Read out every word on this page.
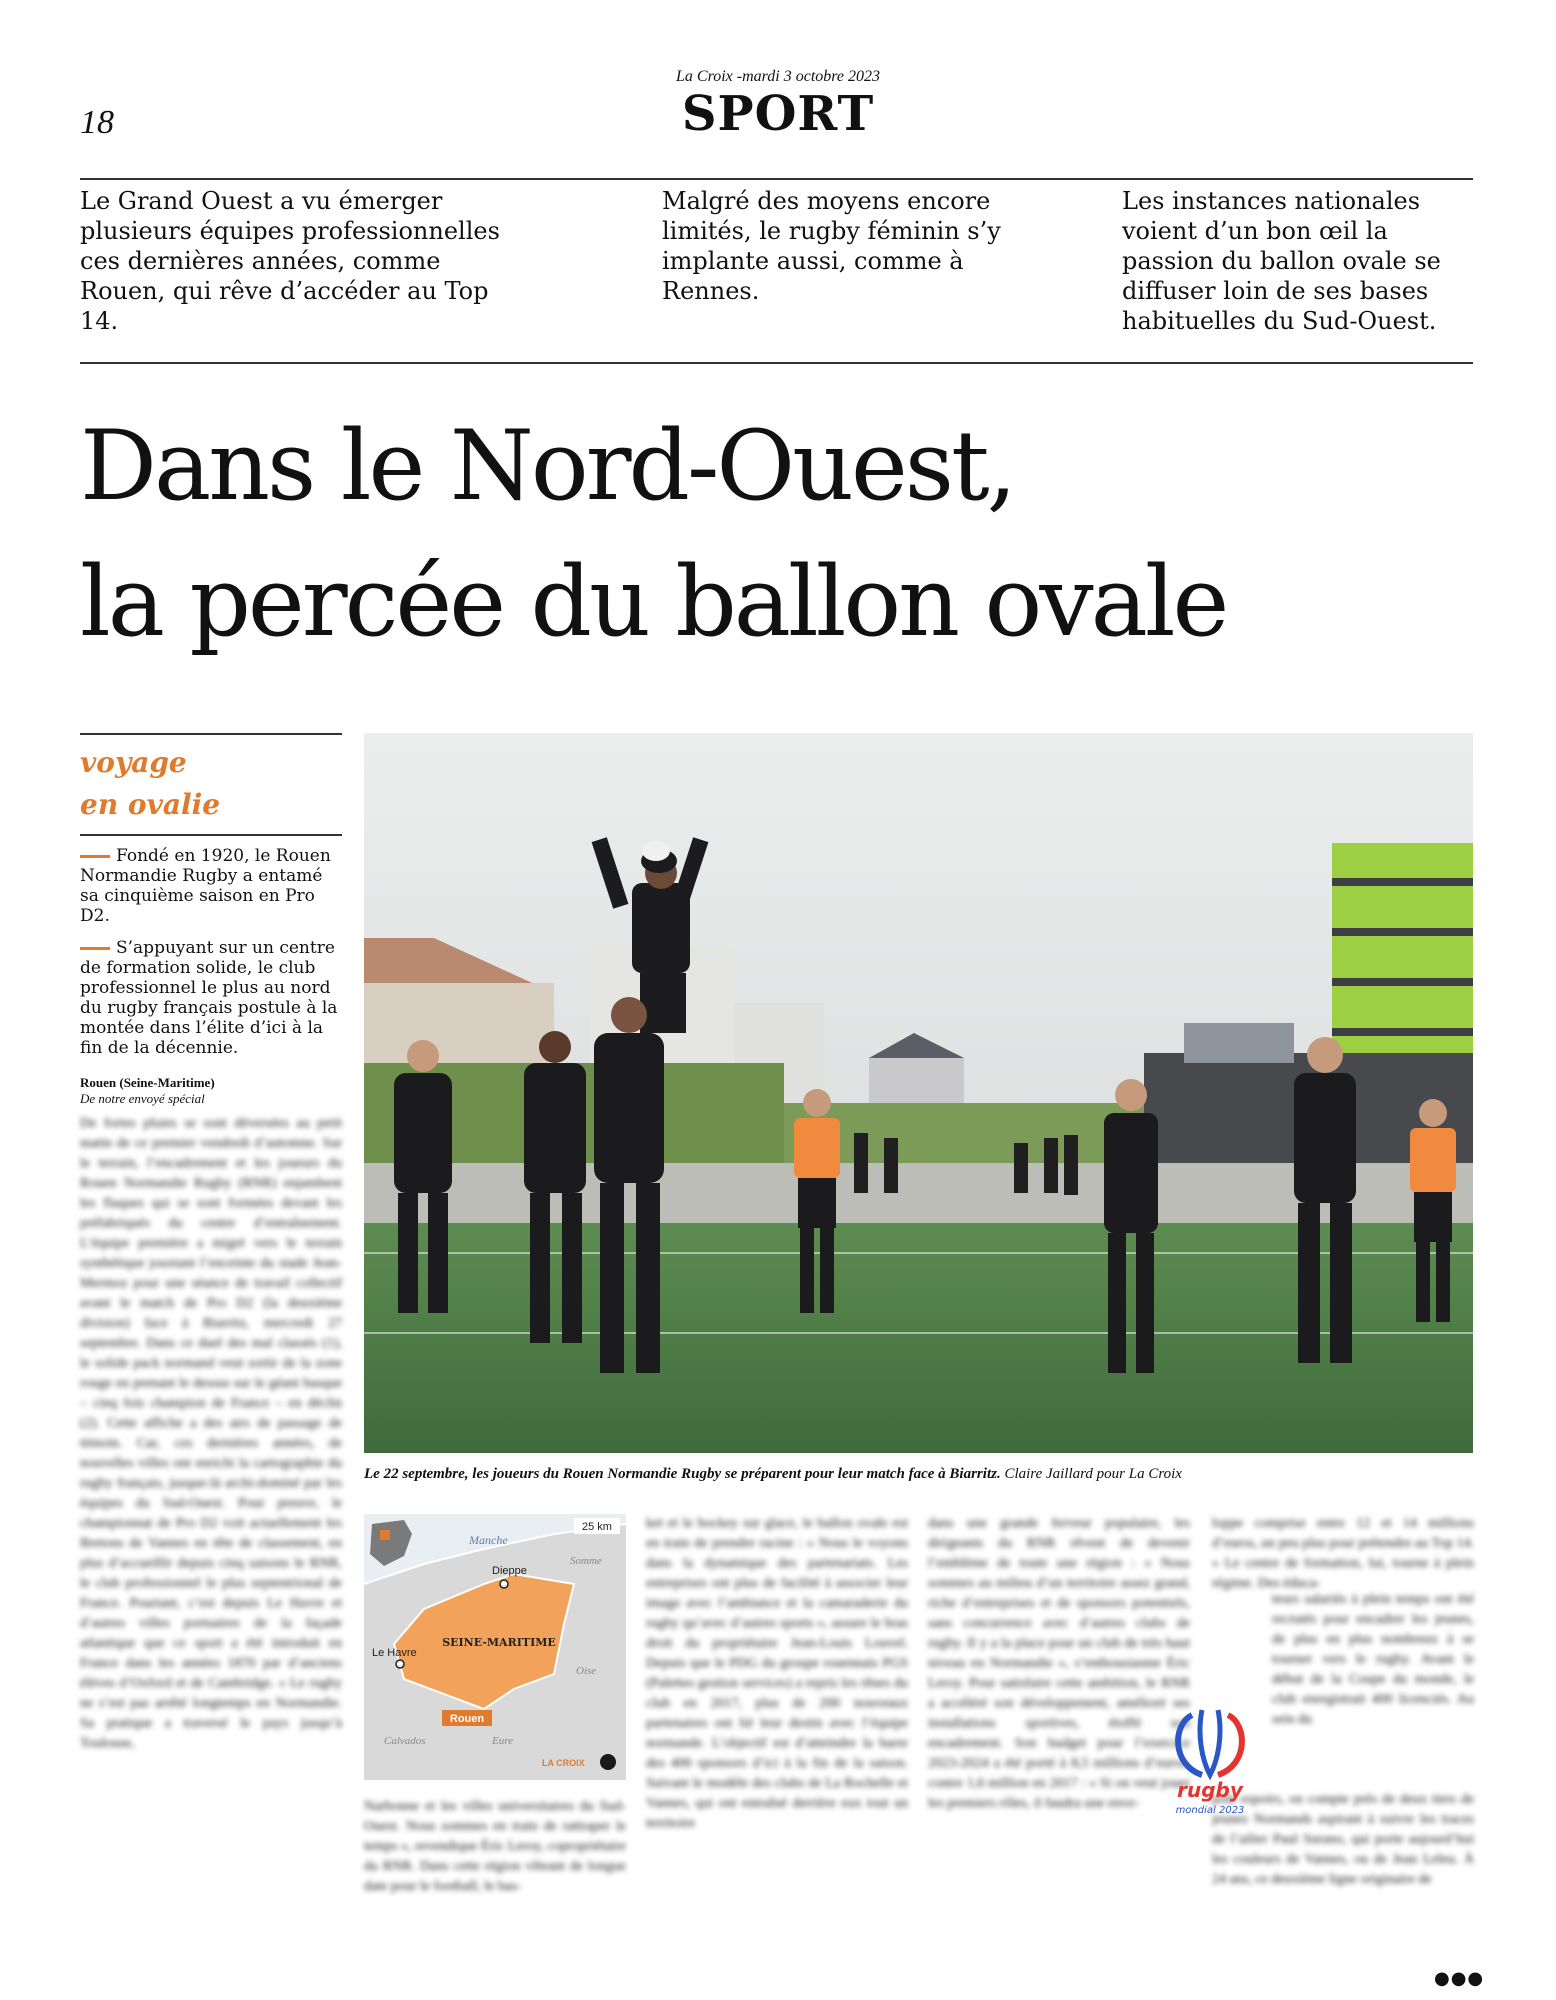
18
La Croix -mardi 3 octobre 2023
SPORT
Le Grand Ouest a vu émerger plusieurs équipes professionnelles ces dernières années, comme Rouen, qui rêve d’accéder au Top 14.
Malgré des moyens encore limités, le rugby féminin s’y implante aussi, comme à Rennes.
Les instances nationales voient d’un bon œil la passion du ballon ovale se diffuser loin de ses bases habituelles du Sud-Ouest.
Dans le Nord-Ouest,
la percée du ballon ovale
voyage
en ovalie
Fondé en 1920, le Rouen Normandie Rugby a entamé sa cinquième saison en Pro D2.
S’appuyant sur un centre de formation solide, le club professionnel le plus au nord du rugby français postule à la montée dans l’élite d’ici à la fin de la décennie.
Rouen (Seine-Maritime)
De notre envoyé spécial
De fortes pluies se sont déversées au petit matin de ce premier vendredi d’automne. Sur le terrain, l’encadrement et les joueurs du Rouen Normandie Rugby (RNR) enjambent les flaques qui se sont formées devant les préfabriqués du centre d’entraînement. L’équipe première a migré vers le terrain synthétique jouxtant l’enceinte du stade Jean-Mermoz pour une séance de travail collectif avant le match de Pro D2 (la deuxième division) face à Biarritz, mercredi 27 septembre. Dans ce duel des mal classés (1), le solide pack normand veut sortir de la zone rouge en prenant le dessus sur le géant basque – cinq fois champion de France – en déclin (2). Cette affiche a des airs de passage de témoin. Car, ces dernières années, de nouvelles villes ont enrichi la cartographie du rugby français, jusque-là archi-dominé par les équipes du Sud-Ouest. Pour preuve, le championnat de Pro D2 voit actuellement les Bretons de Vannes en tête de classement, en plus d’accueillir depuis cinq saisons le RNR, le club professionnel le plus septentrional de France. Pourtant, c’est depuis Le Havre et d’autres villes portuaires de la façade atlantique que ce sport a été introduit en France dans les années 1870 par d’anciens élèves d’Oxford et de Cambridge. « Le rugby ne s’est pas arrêté longtemps en Normandie. Sa pratique a traversé le pays jusqu’à Toulouse,
Narbonne et les villes universitaires du Sud-Ouest. Nous sommes en train de rattraper le temps », revendique Éric Leroy, copropriétaire du RNR. Dans cette région vibrant de longue date pour le football, le bas-
ket et le hockey sur glace, le ballon ovale est en train de prendre racine : « Nous le voyons dans la dynamique des partenariats. Les entreprises ont plus de facilité à associer leur image avec l’ambiance et la camaraderie du rugby qu’avec d’autres sports », assure le bras droit du propriétaire Jean-Louis Louvel. Depuis que le PDG du groupe rouennais PGS (Palettes gestion services) a repris les rênes du club en 2017, plus de 200 nouveaux partenaires ont lié leur destin avec l’équipe normande. L’objectif est d’atteindre la barre des 400 sponsors d’ici à la fin de la saison. Suivant le modèle des clubs de La Rochelle et Vannes, qui ont entraîné derrière eux tout un territoire
dans une grande ferveur populaire, les dirigeants du RNR rêvent de devenir l’emblème de toute une région : « Nous sommes au milieu d’un territoire assez grand, riche d’entreprises et de sponsors potentiels, sans concurrence avec d’autres clubs de rugby. Il y a la place pour un club de très haut niveau en Normandie », s’enthousiasme Éric Leroy. Pour satisfaire cette ambition, le RNR a accéléré son développement, amélioré ses installations sportives, étoffé son encadrement. Son budget pour l’exercice 2023-2024 a été porté à 8,5 millions d’euros, contre 1,6 million en 2017 : « Si on veut jouer les premiers rôles, il faudra une enve-
loppe comprise entre 12 et 14 millions d’euros, un peu plus pour prétendre au Top 14. » Le centre de formation, lui, tourne à plein régime. Des éduca-
teurs salariés à plein temps ont été recrutés pour encadrer les jeunes, de plus en plus nombreux à se tourner vers le rugby. Avant le début de la Coupe du monde, le club enregistrait 400 licenciés. Au sein du
pôle espoirs, on compte près de deux tiers de jeunes Normands aspirant à suivre les traces de l’ailier Paul Surano, qui porte aujourd’hui les couleurs de Vannes, ou de Jean Leleu. À 24 ans, ce deuxième ligne originaire de
Le 22 septembre, les joueurs du Rouen Normandie Rugby se préparent pour leur match face à Biarritz. Claire Jaillard pour La Croix
25 km
Manche
SEINE-MARITIME
Dieppe
Le Havre
Rouen
Somme
Calvados	Eure
Oise
LA CROIX
rugby
mondial 2023
●●●
